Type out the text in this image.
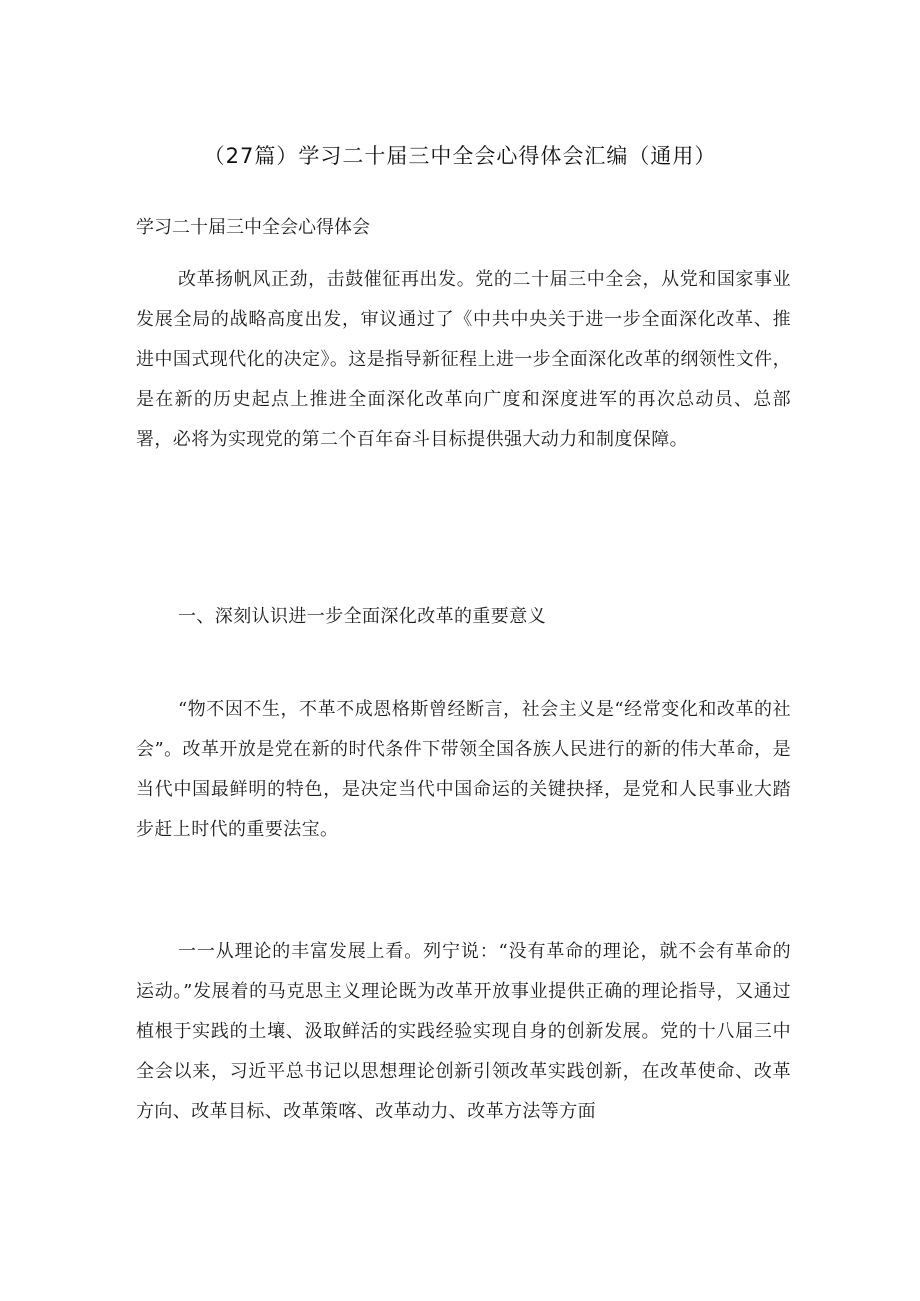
（27篇）学习二十届三中全会心得体会汇编（通用）
学习二十届三中全会心得体会

改革扬帆风正劲，击鼓催征再出发。党的二十届三中全会，从党和国家事业发展全局的战略高度出发，审议通过了《中共中央关于进一步全面深化改革、推进中国式现代化的决定》。这是指导新征程上进一步全面深化改革的纲领性文件，是在新的历史起点上推进全面深化改革向广度和深度进军的再次总动员、总部署，必将为实现党的第二个百年奋斗目标提供强大动力和制度保障。

一、深刻认识进一步全面深化改革的重要意义

“物不因不生，不革不成恩格斯曾经断言，社会主义是“经常变化和改革的社会”。改革开放是党在新的时代条件下带领全国各族人民进行的新的伟大革命，是当代中国最鲜明的特色，是决定当代中国命运的关键抉择，是党和人民事业大踏步赶上时代的重要法宝。

一一从理论的丰富发展上看。列宁说：“没有革命的理论，就不会有革命的运动。”发展着的马克思主义理论既为改革开放事业提供正确的理论指导，又通过植根于实践的土壤、汲取鲜活的实践经验实现自身的创新发展。党的十八届三中全会以来，习近平总书记以思想理论创新引领改革实践创新，在改革使命、改革方向、改革目标、改革策喀、改革动力、改革方法等方面
